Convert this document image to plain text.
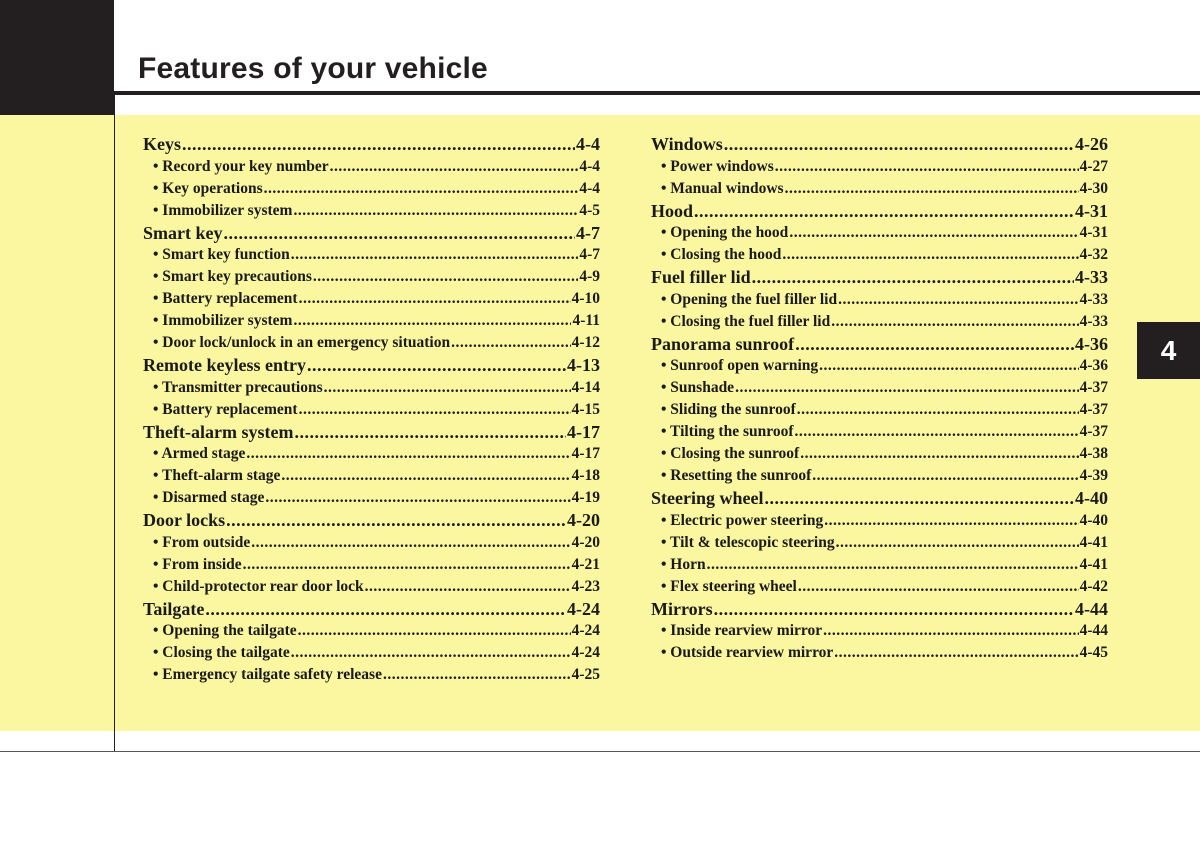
Features of your vehicle
4
Keys .....	4-4
• Record your key number .....	4-4
• Key operations .....	4-4
• Immobilizer system .....	4-5
Smart key .....	4-7
• Smart key function .....	4-7
• Smart key precautions .....	4-9
• Battery replacement .....	4-10
• Immobilizer system .....	4-11
• Door lock/unlock in an emergency situation .....	4-12
Remote keyless entry .....	4-13
• Transmitter precautions .....	4-14
• Battery replacement .....	4-15
Theft-alarm system .....	4-17
• Armed stage .....	4-17
• Theft-alarm stage .....	4-18
• Disarmed stage .....	4-19
Door locks .....	4-20
• From outside .....	4-20
• From inside .....	4-21
• Child-protector rear door lock .....	4-23
Tailgate .....	4-24
• Opening the tailgate .....	4-24
• Closing the tailgate .....	4-24
• Emergency tailgate safety release .....	4-25
Windows .....	4-26
• Power windows .....	4-27
• Manual windows .....	4-30
Hood .....	4-31
• Opening the hood .....	4-31
• Closing the hood .....	4-32
Fuel filler lid .....	4-33
• Opening the fuel filler lid .....	4-33
• Closing the fuel filler lid .....	4-33
Panorama sunroof .....	4-36
• Sunroof open warning .....	4-36
• Sunshade .....	4-37
• Sliding the sunroof .....	4-37
• Tilting the sunroof .....	4-37
• Closing the sunroof .....	4-38
• Resetting the sunroof .....	4-39
Steering wheel .....	4-40
• Electric power steering .....	4-40
• Tilt & telescopic steering .....	4-41
• Horn .....	4-41
• Flex steering wheel .....	4-42
Mirrors .....	4-44
• Inside rearview mirror .....	4-44
• Outside rearview mirror .....	4-45
